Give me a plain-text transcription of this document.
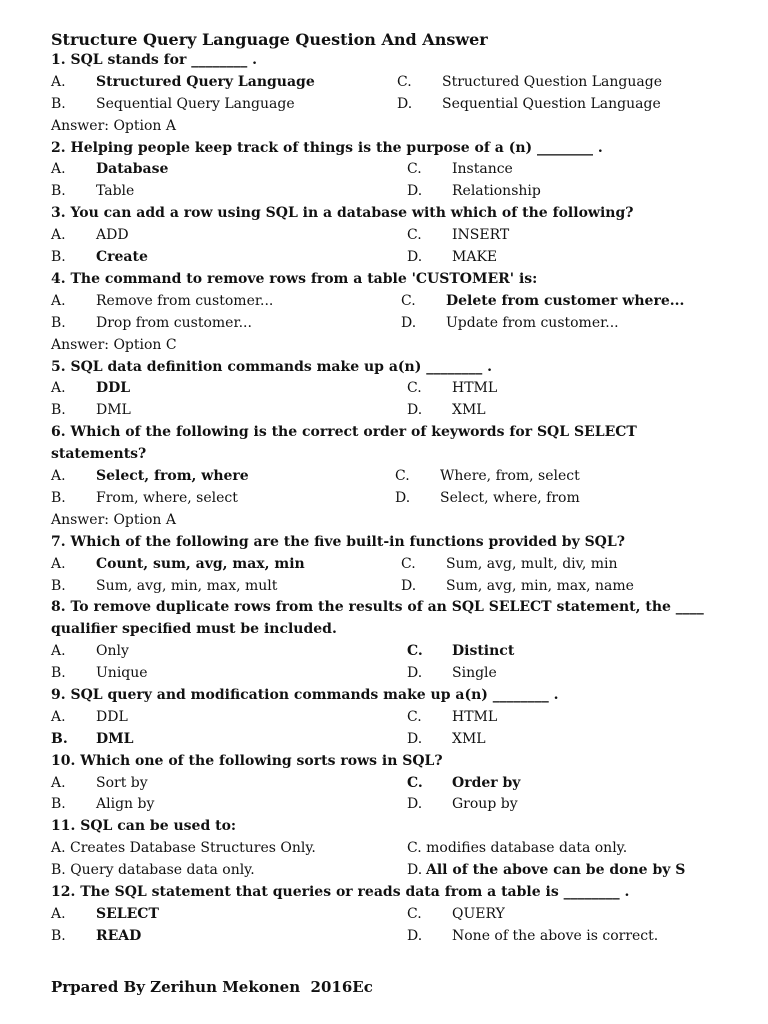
Structure Query Language Question And Answer
1. SQL stands for ________ .
A. Structured Query Language	C. Structured Question Language
B. Sequential Query Language	D. Sequential Question Language
Answer: Option A
2. Helping people keep track of things is the purpose of a (n) ________ .
A. Database	C. Instance
B. Table	D. Relationship
3. You can add a row using SQL in a database with which of the following?
A. ADD	C. INSERT
B. Create	D. MAKE
4. The command to remove rows from a table 'CUSTOMER' is:
A. Remove from customer...	C. Delete from customer where...
B. Drop from customer...	D. Update from customer...
Answer: Option C
5. SQL data definition commands make up a(n) ________ .
A. DDL	C. HTML
B. DML	D. XML
6. Which of the following is the correct order of keywords for SQL SELECT statements?
A. Select, from, where	C. Where, from, select
B. From, where, select	D. Select, where, from
Answer: Option A
7. Which of the following are the five built-in functions provided by SQL?
A. Count, sum, avg, max, min	C. Sum, avg, mult, div, min
B. Sum, avg, min, max, mult	D. Sum, avg, min, max, name
8. To remove duplicate rows from the results of an SQL SELECT statement, the ____ qualifier specified must be included.
A. Only	C. Distinct
B. Unique	D. Single
9. SQL query and modification commands make up a(n) ________ .
A. DDL	C. HTML
B. DML	D. XML
10. Which one of the following sorts rows in SQL?
A. Sort by	C. Order by
B. Align by	D. Group by
11. SQL can be used to:
A. Creates Database Structures Only.	C. modifies database data only.
B. Query database data only.	D. All of the above can be done by S
12. The SQL statement that queries or reads data from a table is ________ .
A. SELECT	C. QUERY
B. READ	D. None of the above is correct.
Prpared By Zerihun Mekonen  2016Ec
